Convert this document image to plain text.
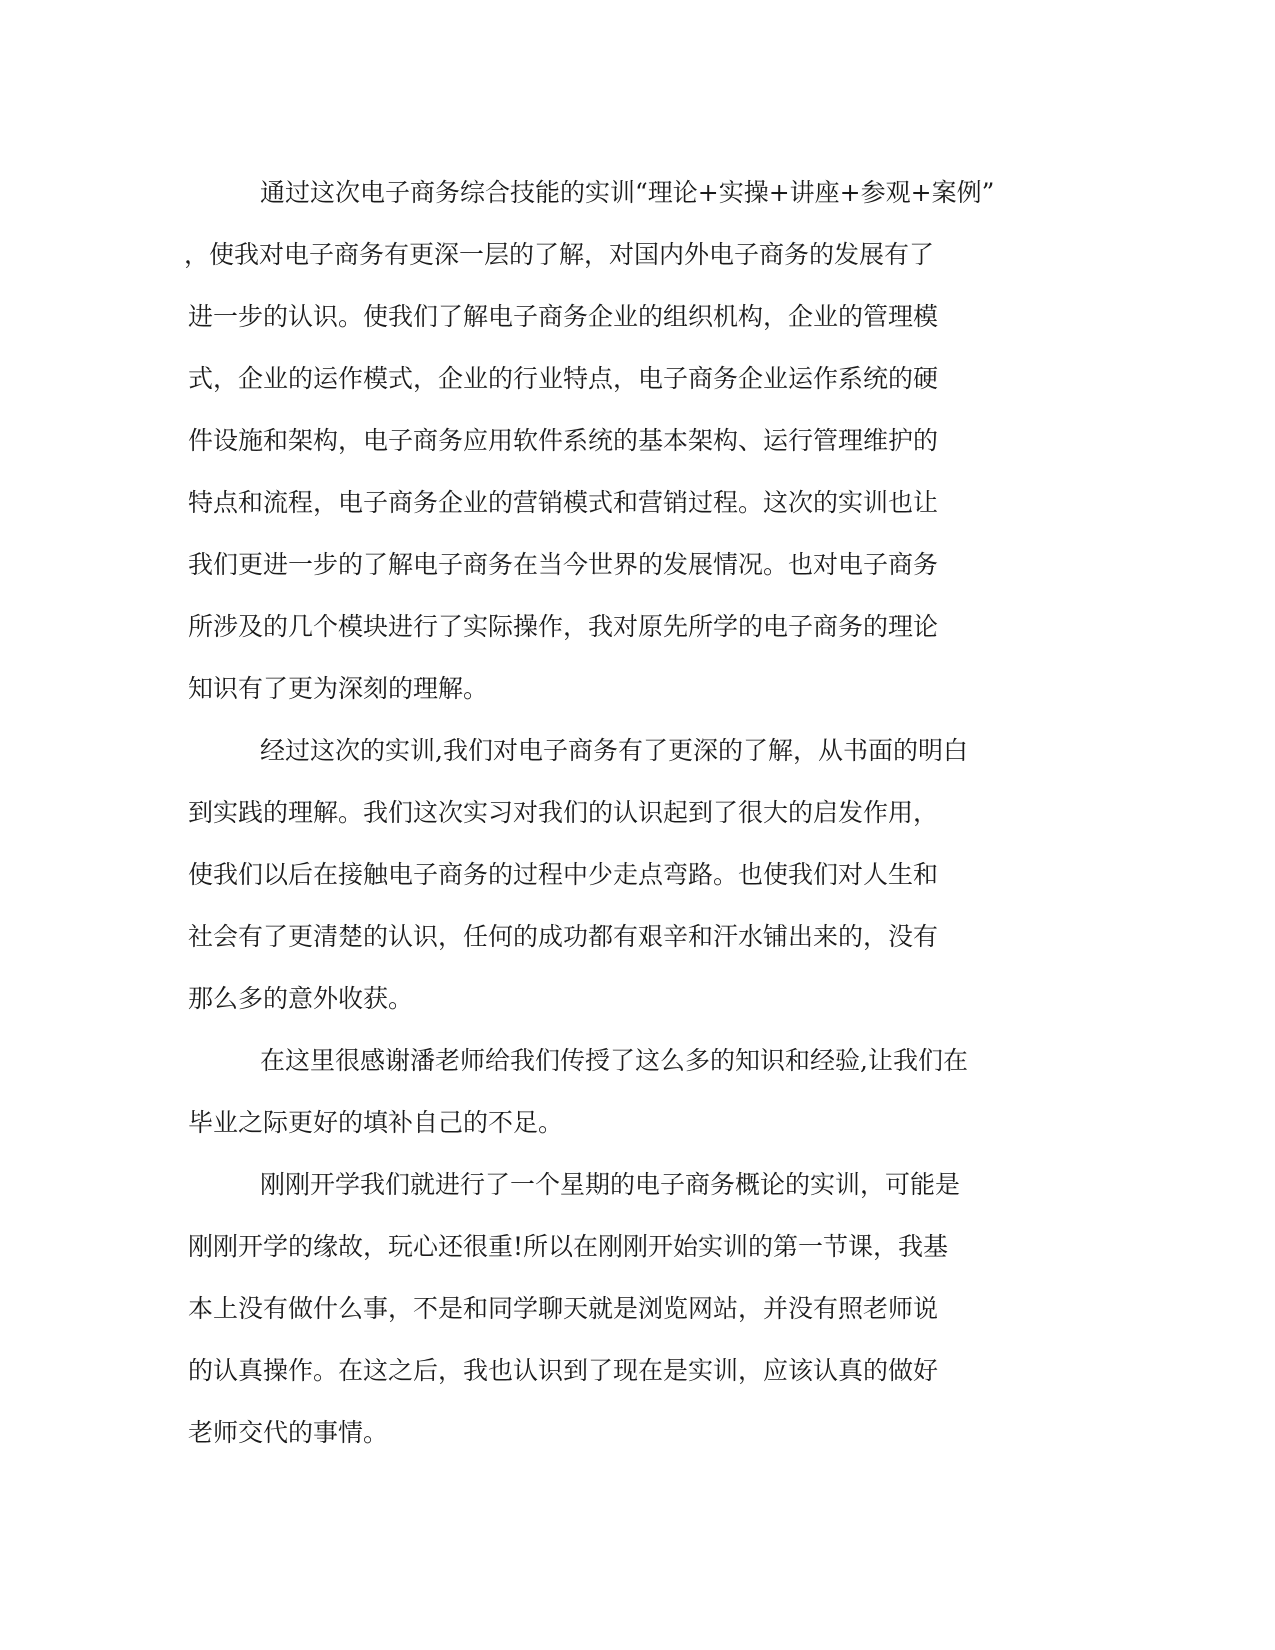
通过这次电子商务综合技能的实训“理论+实操+讲座+参观+案例”
，使我对电子商务有更深一层的了解，对国内外电子商务的发展有了
进一步的认识。使我们了解电子商务企业的组织机构，企业的管理模
式，企业的运作模式，企业的行业特点，电子商务企业运作系统的硬
件设施和架构，电子商务应用软件系统的基本架构、运行管理维护的
特点和流程，电子商务企业的营销模式和营销过程。这次的实训也让
我们更进一步的了解电子商务在当今世界的发展情况。也对电子商务
所涉及的几个模块进行了实际操作，我对原先所学的电子商务的理论
知识有了更为深刻的理解。
经过这次的实训,我们对电子商务有了更深的了解，从书面的明白
到实践的理解。我们这次实习对我们的认识起到了很大的启发作用，
使我们以后在接触电子商务的过程中少走点弯路。也使我们对人生和
社会有了更清楚的认识，任何的成功都有艰辛和汗水铺出来的，没有
那么多的意外收获。
在这里很感谢潘老师给我们传授了这么多的知识和经验,让我们在
毕业之际更好的填补自己的不足。
刚刚开学我们就进行了一个星期的电子商务概论的实训，可能是
刚刚开学的缘故，玩心还很重!所以在刚刚开始实训的第一节课，我基
本上没有做什么事，不是和同学聊天就是浏览网站，并没有照老师说
的认真操作。在这之后，我也认识到了现在是实训，应该认真的做好
老师交代的事情。
